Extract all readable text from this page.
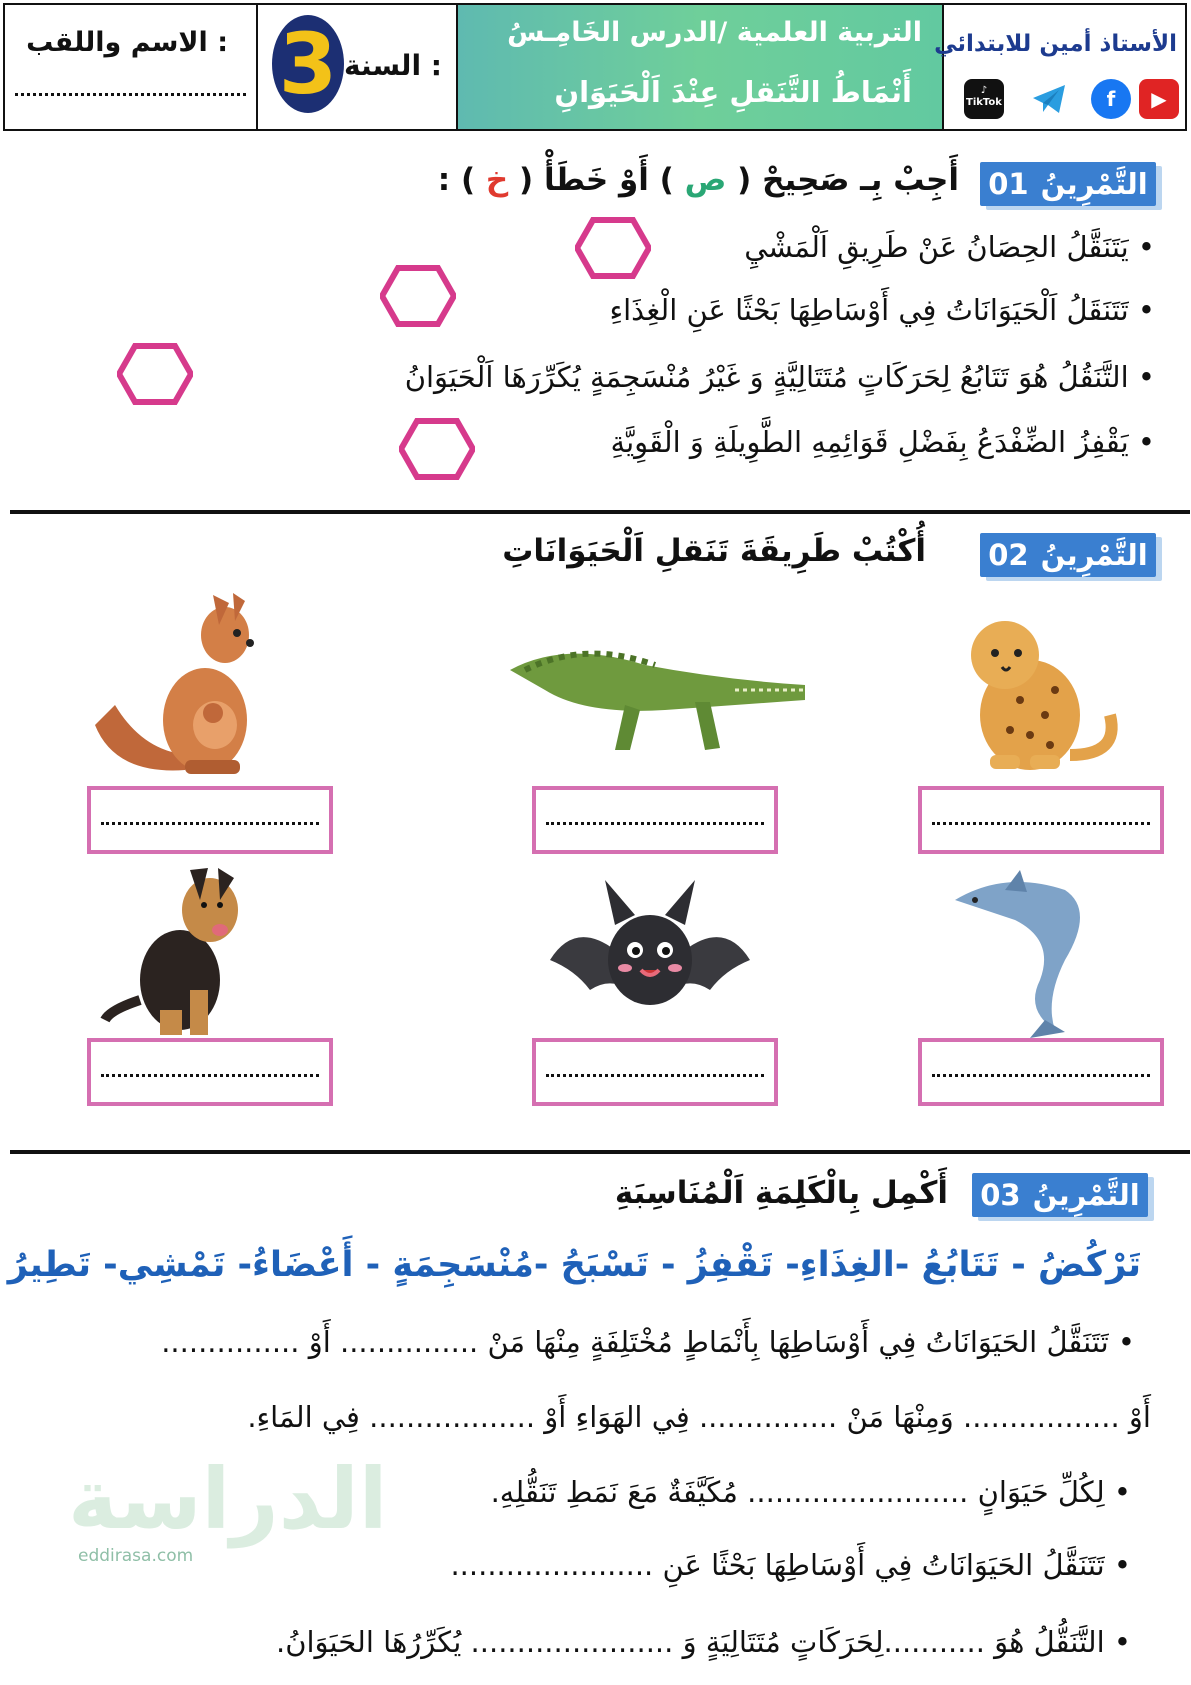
الاسم واللقب : 3 السنة :
التربية العلمية /الدرس الخَامِـسُ
أَنْمَاطُ التَّنَقلِ عِنْدَ اَلْحَيَوَانِ
الأستاذ أمين للابتدائي
♪
TikTok	f	▶
التَّمْرِينُ
01
أَجِبْ بِـ صَحِيحْ ( ص ) أَوْ خَطَأْ ( خ ) :
• يَتَنَقَّلُ الحِصَانُ عَنْ طَرِيقِ اَلْمَشْيِ
• تَتَنَقَلُ اَلْحَيَوَانَاتُ فِي أَوْسَاطِهَا بَحْثًا عَنِ الْغِذَاءِ
• التَّنَقُلُ هُوَ تَتَابُعُ لِحَرَكَاتٍ مُتَتَالِيَّةٍ وَ غَيْرُ مُنْسَجِمَةٍ يُكَرِّرَهَا اَلْحَيَوَانُ
• يَقْفِزُ الضِّفْدَعُ بِفَضْلِ قَوَائِمِهِ الطَّوِيلَةِ وَ الْقَوِيَّةِ
التَّمْرِينُ
02
أُكْتُبْ طَرِيقَةَ تَنَقلِ اَلْحَيَوَانَاتِ
التَّمْرِينُ
03
أَكْمِل بِالْكَلِمَةِ اَلْمُنَاسِبَةِ
تَرْكُضُ - تَتَابُعُ -الغِذَاءِ- تَقْفِزُ - تَسْبَحُ -مُنْسَجِمَةٍ - أَعْضَاءُ- تَمْشِي- تَطِيرُ
• تَتَنَقَّلُ الحَيَوَانَاتُ فِي أَوْسَاطِهَا بِأَنْمَاطٍ مُخْتَلِفَةٍ مِنْهَا مَنْ ............... أَوْ ...............
أَوْ ................. وَمِنْهَا مَنْ ............... فِي الهَوَاءِ أَوْ .................. فِي المَاءِ.
• لِكُلِّ حَيَوَانٍ ........................ مُكَيَّفَةٌ مَعَ نَمَطِ تَنَقُّلِهِ.
• تَتَنَقَّلُ الحَيَوَانَاتُ فِي أَوْسَاطِهَا بَحْثًا عَنِ ......................
• التَّنَقُّلُ هُوَ ...........لِحَرَكَاتٍ مُتَتَالِيَةٍ وَ ...................... يُكَرِّرُهَا الحَيَوَانُ.
الدراسة
eddirasa.com
